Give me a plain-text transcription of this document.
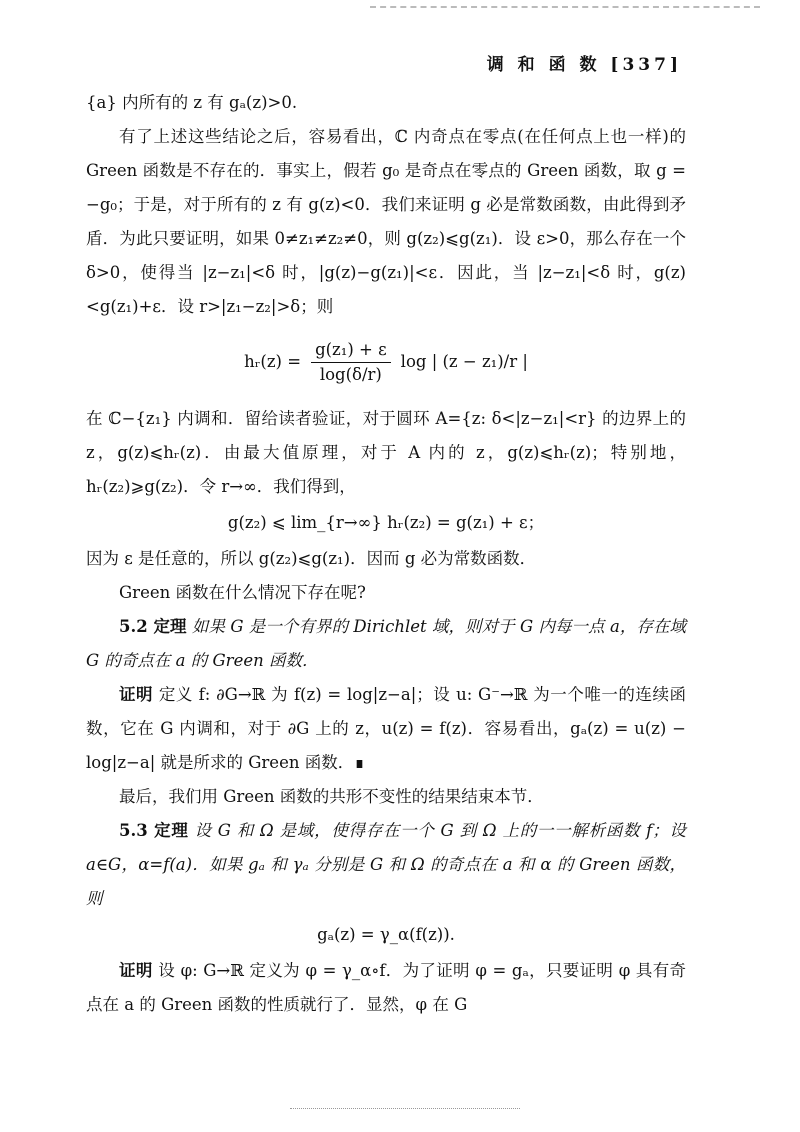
调 和 函 数 [337]

{a} 内所有的 z 有 gₐ(z)>0.

有了上述这些结论之后，容易看出，ℂ 内奇点在零点(在任何点上也一样)的 Green 函数是不存在的．事实上，假若 g₀ 是奇点在零点的 Green 函数，取 g = −g₀；于是，对于所有的 z 有 g(z)<0．我们来证明 g 必是常数函数，由此得到矛盾．为此只要证明，如果 0≠z₁≠z₂≠0，则 g(z₂)⩽g(z₁)．设 ε>0，那么存在一个 δ>0，使得当 |z−z₁|<δ 时，|g(z)−g(z₁)|<ε．因此，当 |z−z₁|<δ 时，g(z)<g(z₁)+ε．设 r>|z₁−z₂|>δ；则

hᵣ(z) = $\frac{\text{g(z₁) + ε}}{\log(\delta/r)}$ log | (z − z₁)/r |

在 ℂ−{z₁} 内调和．留给读者验证，对于圆环 A={z: δ<|z−z₁|<r} 的边界上的 z，g(z)⩽hᵣ(z)．由最大值原理，对于 A 内的 z，g(z)⩽hᵣ(z)；特别地，hᵣ(z₂)⩾g(z₂)．令 r→∞．我们得到，

g(z₂) ⩽ lim_{r→∞} hᵣ(z₂) = g(z₁) + ε；

因为 ε 是任意的，所以 g(z₂)⩽g(z₁)．因而 g 必为常数函数．

Green 函数在什么情况下存在呢?

5.2 定理 如果 G 是一个有界的 Dirichlet 域，则对于 G 内每一点 a，存在域 G 的奇点在 a 的 Green 函数．

证明 定义 f: ∂G→ℝ 为 f(z) = log|z−a|；设 u: G⁻→ℝ 为一个唯一的连续函数，它在 G 内调和，对于 ∂G 上的 z，u(z) = f(z)．容易看出，gₐ(z) = u(z) − log|z−a| 就是所求的 Green 函数．∎

最后，我们用 Green 函数的共形不变性的结果结束本节．

5.3 定理 设 G 和 Ω 是域，使得存在一个 G 到 Ω 上的一一解析函数 f；设 a∈G，α=f(a)．如果 gₐ 和 γₐ 分别是 G 和 Ω 的奇点在 a 和 α 的 Green 函数，则

gₐ(z) = γ_α(f(z)).

证明 设 φ: G→ℝ 定义为 φ = γ_α∘f．为了证明 φ = gₐ，只要证明 φ 具有奇点在 a 的 Green 函数的性质就行了．显然，φ 在 G
